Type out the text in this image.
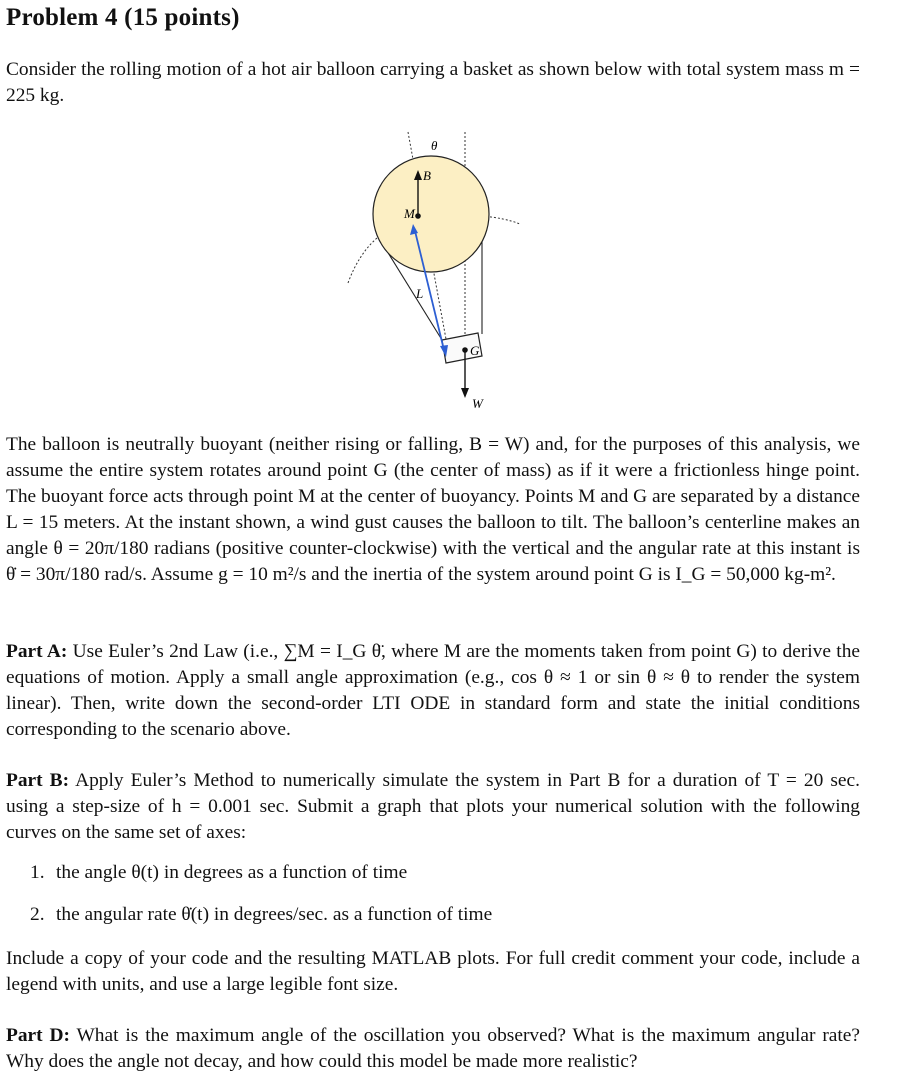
Problem 4 (15 points)

Consider the rolling motion of a hot air balloon carrying a basket as shown below with total system mass m = 225 kg.

θ
B
M
L
G
W

The balloon is neutrally buoyant (neither rising or falling, B = W) and, for the purposes of this analysis, we assume the entire system rotates around point G (the center of mass) as if it were a frictionless hinge point. The buoyant force acts through point M at the center of buoyancy. Points M and G are separated by a distance L = 15 meters. At the instant shown, a wind gust causes the balloon to tilt. The balloon’s centerline makes an angle θ = 20π/180 radians (positive counter-clockwise) with the vertical and the angular rate at this instant is θ̇ = 30π/180 rad/s. Assume g = 10 m²/s and the inertia of the system around point G is I_G = 50,000 kg-m².

Part A: Use Euler’s 2nd Law (i.e., ∑M = I_G θ̈, where M are the moments taken from point G) to derive the equations of motion. Apply a small angle approximation (e.g., cos θ ≈ 1 or sin θ ≈ θ to render the system linear). Then, write down the second-order LTI ODE in standard form and state the initial conditions corresponding to the scenario above.

Part B: Apply Euler’s Method to numerically simulate the system in Part B for a duration of T = 20 sec. using a step-size of h = 0.001 sec. Submit a graph that plots your numerical solution with the following curves on the same set of axes:

1. the angle θ(t) in degrees as a function of time
2. the angular rate θ̇(t) in degrees/sec. as a function of time

Include a copy of your code and the resulting MATLAB plots. For full credit comment your code, include a legend with units, and use a large legible font size.

Part D: What is the maximum angle of the oscillation you observed? What is the maximum angular rate? Why does the angle not decay, and how could this model be made more realistic?
